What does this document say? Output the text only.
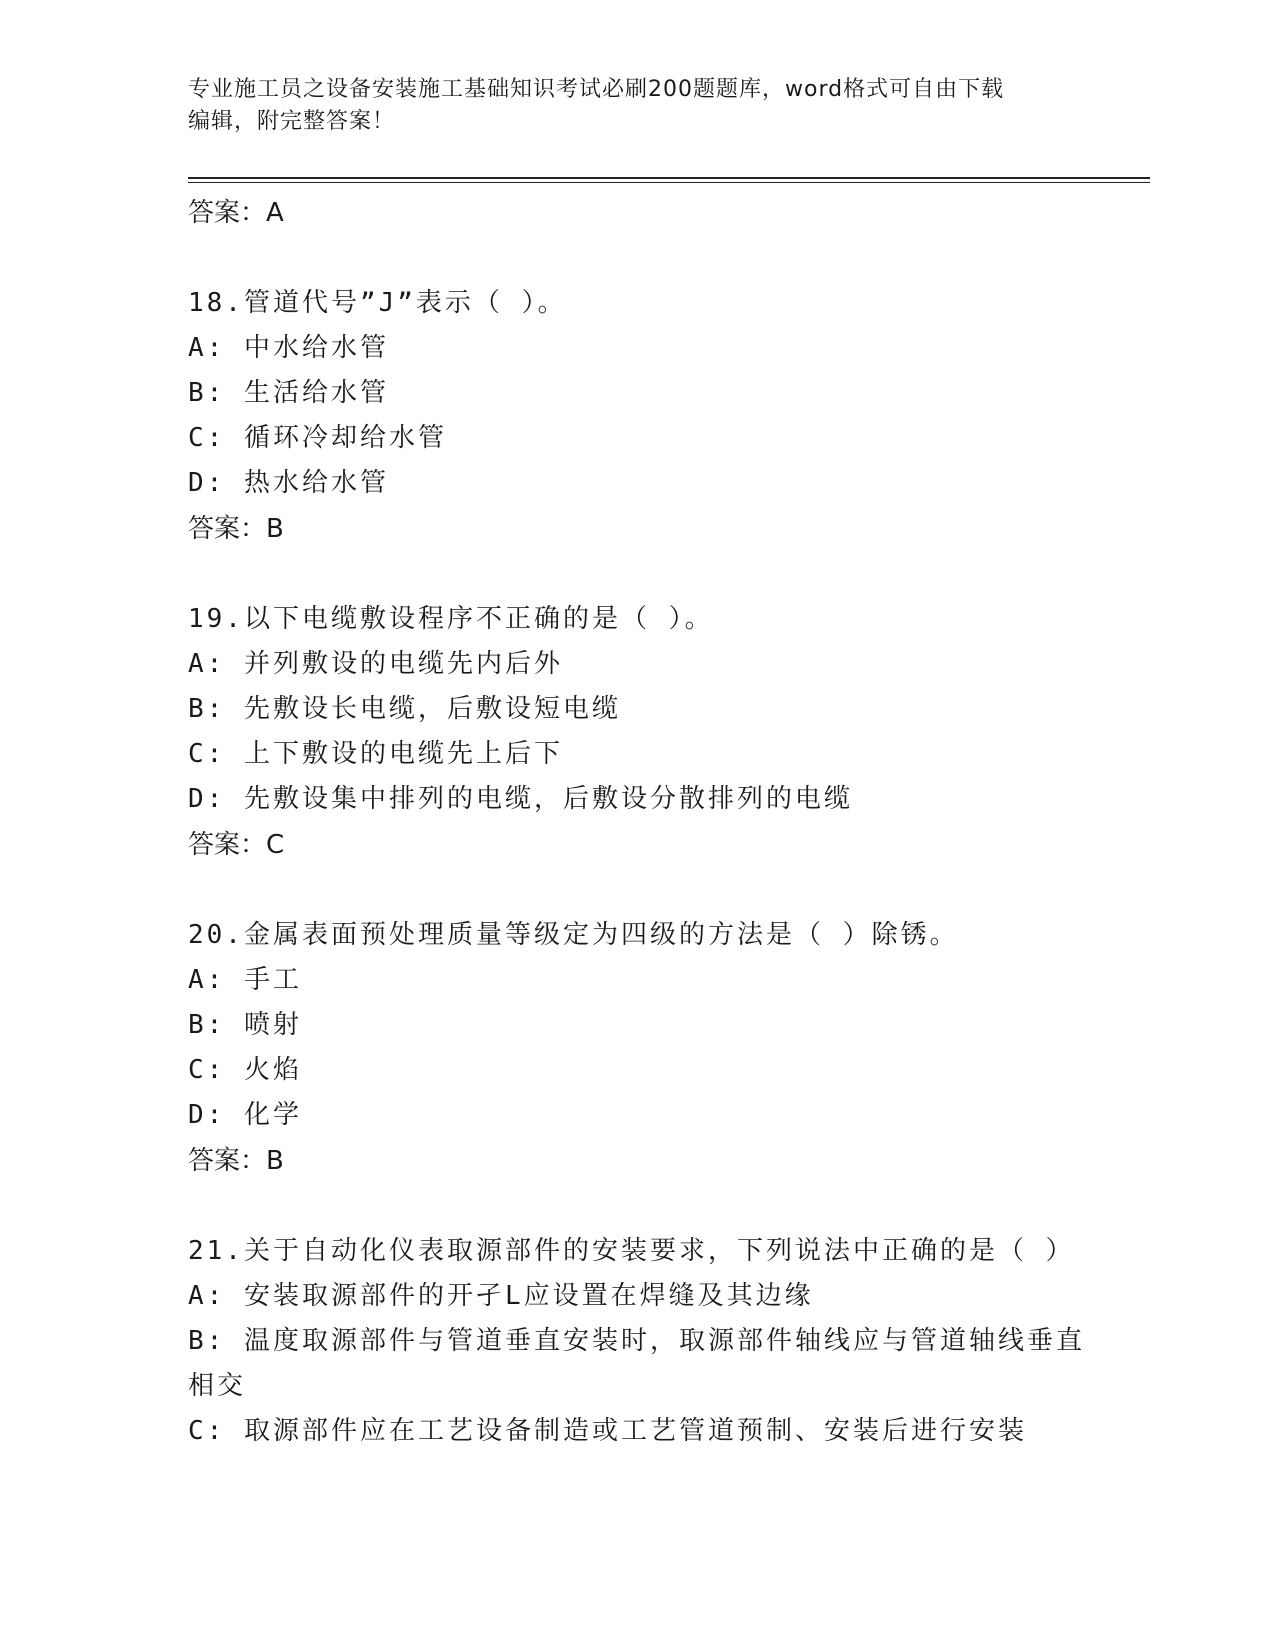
专业施工员之设备安装施工基础知识考试必刷200题题库，word格式可自由下载
编辑，附完整答案！
答案：A
18.管道代号”J”表示（ ）。
A: 中水给水管
B: 生活给水管
C: 循环冷却给水管
D: 热水给水管
答案：B
19.以下电缆敷设程序不正确的是（ ）。
A: 并列敷设的电缆先内后外
B: 先敷设长电缆，后敷设短电缆
C: 上下敷设的电缆先上后下
D: 先敷设集中排列的电缆，后敷设分散排列的电缆
答案：C
20.金属表面预处理质量等级定为四级的方法是（ ）除锈。
A: 手工
B: 喷射
C: 火焰
D: 化学
答案：B
21.关于自动化仪表取源部件的安装要求，下列说法中正确的是（ ）
A: 安装取源部件的开孑L应设置在焊缝及其边缘
B: 温度取源部件与管道垂直安装时，取源部件轴线应与管道轴线垂直相交
C: 取源部件应在工艺设备制造或工艺管道预制、安装后进行安装
